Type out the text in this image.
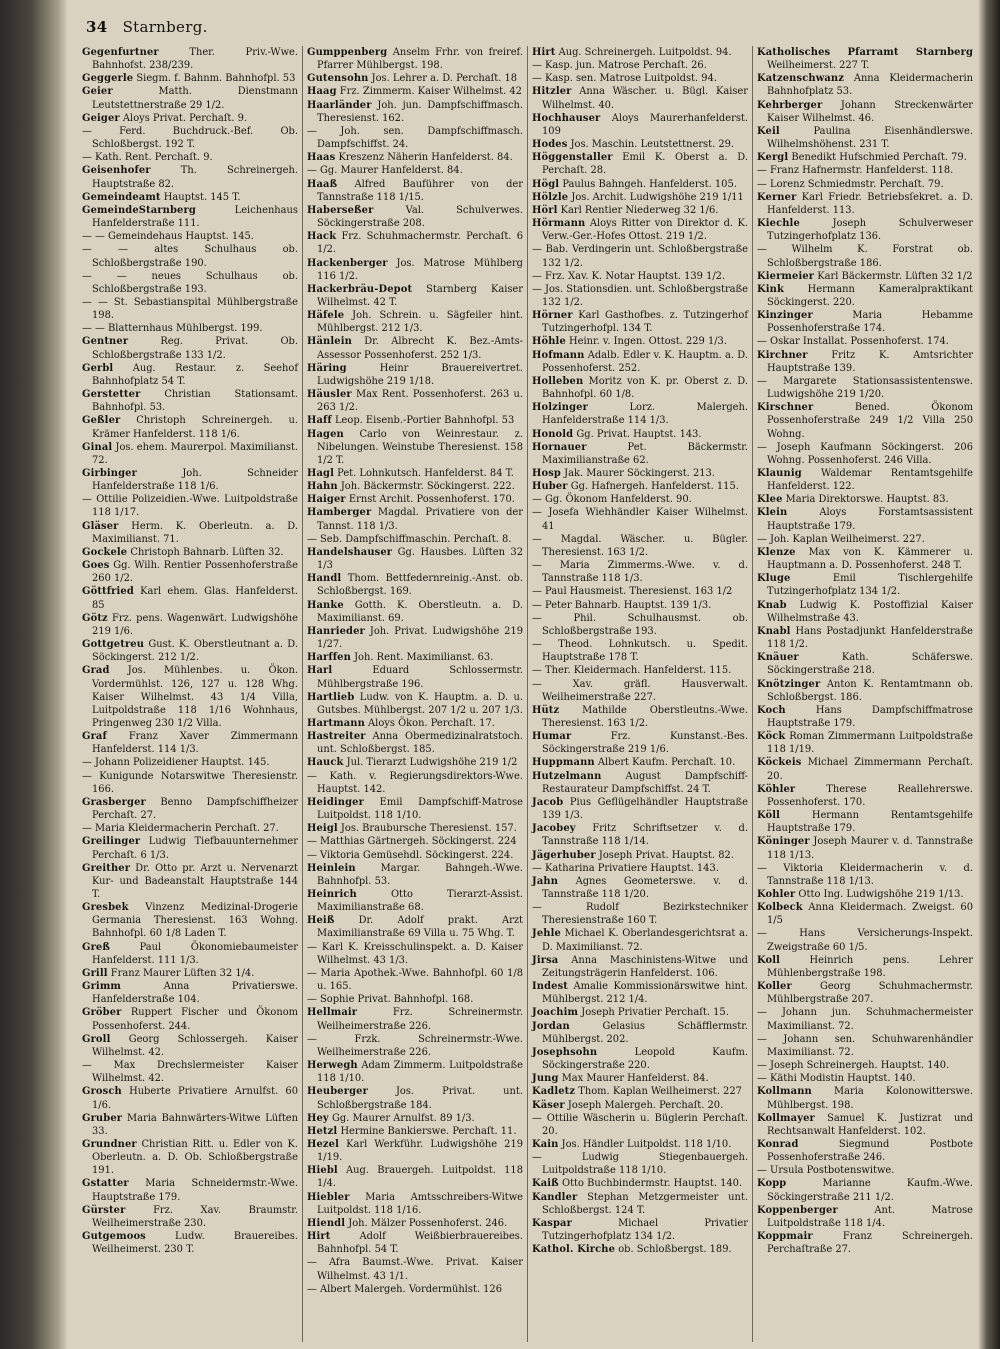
34 Starnberg.
Gegenfurtner	Ther. Priv.-Wwe. Bahnhofst. 238/239.
Geggerle Siegm. f. Bahnm. Bahnhofpl. 53
Geier	Matth. Dienstmann Leutstettnerstraße 29 1/2.
Geiger Aloys Privat. Perchaſt. 9.
— Ferd. Buchdruck.-Bef. Ob. Schloßbergst. 192 T.
— Kath. Rent. Perchaſt. 9.
Geisenhofer	Th. Schreinergeh. Hauptstraße 82.
Gemeindeamt Hauptst. 145 T.
GemeindeStarnberg	Leichenhaus Hanfelderstraße 111.
— — Gemeindehaus Hauptst. 145.
— — altes Schulhaus ob. Schloßbergstraße 190.
— — neues Schulhaus ob. Schloßbergstraße 193.
— — St. Sebastianspital Mühlbergstraße 198.
— — Blatternhaus Mühlbergst. 199.
Gentner	Reg. Privat. Ob. Schloßbergstraße 133 1/2.
Gerbl Aug. Restaur. z. Seehof Bahnhofplatz 54 T.
Gerstetter Christian Stationsamt. Bahnhofpl. 53.
Geßler Christoph Schreinergeh. u. Krämer Hanfelderst. 118 1/6.
Ginal Jos. ehem. Maurerpol. Maximilianst. 72.
Girbinger	Joh. Schneider Hanfelderstraße 118 1/6.
— Ottilie Polizeidien.-Wwe. Luitpoldstraße 118 1/17.
Gläser Herm. K. Oberleutn. a. D. Maximilianst. 71.
Gockele Christoph Bahnarb. Lüften 32.
Goes Gg. Wilh. Rentier Possenhoferstraße 260 1/2.
Göttfried Karl ehem. Glas. Hanfelderst. 85
Götz Frz. pens. Wagenwärt. Ludwigshöhe 219 1/6.
Gottgetreu Gust. K. Oberstleutnant a. D. Söckingerst. 212 1/2.
Grad Jos. Mühlenbes. u. Ökon. Vordermühlst. 126, 127 u. 128 Whg. Kaiser Wilhelmst. 43 1/4 Villa, Luitpoldstraße 118 1/16 Wohnhaus, Pringenweg 230 1/2 Villa.
Graf Franz Xaver Zimmermann Hanfelderst. 114 1/3.
— Johann Polizeidiener Hauptst. 145.
— Kunigunde Notarswitwe Theresienstr. 166.
Grasberger Benno Dampfschiffheizer Perchaſt. 27.
— Maria Kleidermacherin Perchaſt. 27.
Greilinger Ludwig Tiefbauunternehmer Perchaſt. 6 1/3.
Greither Dr. Otto pr. Arzt u. Nervenarzt Kur- und Badeanstalt Hauptstraße 144 T.
Gresbek Vinzenz Medizinal-Drogerie Germania Theresienst. 163 Wohng. Bahnhofpl. 60 1/8 Laden T.
Greß	Paul Ökonomiebaumeister Hanfelderst. 111 1/3.
Grill Franz Maurer Lüften 32 1/4.
Grimm	Anna Privatierswe. Hanfelderstraße 104.
Gröber Ruppert Fischer und Ökonom Possenhoferst. 244.
Groll Georg Schlossergeh. Kaiser Wilhelmst. 42.
— Max Drechslermeister Kaiser Wilhelmst. 42.
Grosch Huberte Privatiere Arnulfst. 60 1/6.
Gruber Maria Bahnwärters-Witwe Lüften 33.
Grundner Christian Ritt. u. Edler von K. Oberleutn. a. D. Ob. Schloßbergstraße 191.
Gstatter Maria Schneidermstr.-Wwe. Hauptstraße 179.
Gürster	Frz. Xav. Braumstr. Weilheimerstraße 230.
Gutgemoos	Ludw. Brauereibes. Weilheimerst. 230 T.
Gumppenberg Anselm Frhr. von freiref. Pfarrer Mühlbergst. 198.
Gutensohn Jos. Lehrer a. D. Perchaſt. 18
Haag Frz. Zimmerm. Kaiser Wilhelmst. 42
Haarländer Joh. jun. Dampfschiffmasch. Theresienst. 162.
— Joh. sen. Dampfschiffmasch. Dampfschiffst. 24.
Haas Kreszenz Näherin Hanfelderst. 84.
— Gg. Maurer Hanfelderst. 84.
Haaß Alfred Bauführer von der Tannstraße 118 1/15.
Haberseßer	Val. Schulverwes. Söckingerstraße 208.
Hack Frz. Schuhmachermstr. Perchaſt. 6 1/2.
Hackenberger Jos. Matrose Mühlberg 116 1/2.
Hackerbräu-Depot Starnberg Kaiser Wilhelmst. 42 T.
Häfele Joh. Schrein. u. Sägfeiler hint. Mühlbergst. 212 1/3.
Hänlein Dr. Albrecht K. Bez.-Amts-Assessor Possenhoferst. 252 1/3.
Häring	Heinr Brauereivertret. Ludwigshöhe 219 1/18.
Häusler Max Rent. Possenhoferst. 263 u. 263 1/2.
Haff Leop. Eisenb.-Portier Bahnhofpl. 53
Hagen Carlo von Weinrestaur. z. Nibelungen. Weinstube Theresienst. 158 1/2 T.
Hagl Pet. Lohnkutsch. Hanfelderst. 84 T.
Hahn Joh. Bäckermstr. Söckingerst. 222.
Haiger Ernst Archit. Possenhoferst. 170.
Hamberger Magdal. Privatiere von der Tannst. 118 1/3.
— Seb. Dampfschiffmaschin. Perchaſt. 8.
Handelshauser Gg. Hausbes. Lüften 32 1/3
Handl Thom. Bettfedernreinig.-Anst. ob. Schloßbergst. 169.
Hanke Gotth. K. Oberstleutn. a. D. Maximilianst. 69.
Hanrieder Joh. Privat. Ludwigshöhe 219 1/27.
Harffen Joh. Rent. Maximilianst. 63.
Harl	Eduard Schlossermstr. Mühlbergstraße 196.
Hartlieb Ludw. von K. Hauptm. a. D. u. Gutsbes. Mühlbergst. 207 1/2 u. 207 1/3.
Hartmann Aloys Ökon. Perchaſt. 17.
Hastreiter Anna Obermedizinalratstoch. unt. Schloßbergst. 185.
Hauck Jul. Tierarzt Ludwigshöhe 219 1/2
— Kath. v. Regierungsdirektors-Wwe. Hauptst. 142.
Heidinger Emil Dampfschiff-Matrose Luitpoldst. 118 1/10.
Heigl Jos. Braubursche Theresienst. 157.
— Matthias Gärtnergeh. Söckingerst. 224
— Viktoria Gemüsehdl. Söckingerst. 224.
Heinlein	Margar. Bahngeh.-Wwe. Bahnhofpl. 53.
Heinrich	Otto Tierarzt-Assist. Maximilianstraße 68.
Heiß Dr. Adolf prakt. Arzt Maximilianstraße 69 Villa u. 75 Whg. T.
— Karl K. Kreisschulinspekt. a. D. Kaiser Wilhelmst. 43 1/3.
— Maria Apothek.-Wwe. Bahnhofpl. 60 1/8 u. 165.
— Sophie Privat. Bahnhofpl. 168.
Hellmair	Frz. Schreinermstr. Weilheimerstraße 226.
— Frzk. Schreinermstr.-Wwe. Weilheimerstraße 226.
Herwegh Adam Zimmerm. Luitpoldstraße 118 1/10.
Heuberger	Jos. Privat. unt. Schloßbergstraße 184.
Hey Gg. Maurer Arnulfst. 89 1/3.
Hetzl Hermine Bankierswe. Perchaſt. 11.
Hezel Karl Werkführ. Ludwigshöhe 219 1/19.
Hiebl Aug. Brauergeh. Luitpoldst. 118 1/4.
Hiebler Maria Amtsschreibers-Witwe Luitpoldst. 118 1/16.
Hiendl Joh. Mälzer Possenhoferst. 246.
Hirt	Adolf Weißbierbrauereibes. Bahnhofpl. 54 T.
— Afra Baumst.-Wwe. Privat. Kaiser Wilhelmst. 43 1/1.
— Albert Malergeh. Vordermühlst. 126
Hirt Aug. Schreinergeh. Luitpoldst. 94.
— Kasp. jun. Matrose Perchaſt. 26.
— Kasp. sen. Matrose Luitpoldst. 94.
Hitzler Anna Wäscher. u. Bügl. Kaiser Wilhelmst. 40.
Hochhauser Aloys Maurerhanfelderst. 109
Hodes Jos. Maschin. Leutstettnerst. 29.
Höggenstaller Emil K. Oberst a. D. Perchaſt. 28.
Högl Paulus Bahngeh. Hanfelderst. 105.
Hölzle Jos. Archit. Ludwigshöhe 219 1/11
Hörl Karl Rentier Niederweg 32 1/6.
Hörmann Aloys Ritter von Direktor d. K. Verw.-Ger.-Hofes Ottost. 219 1/2.
— Bab. Verdingerin unt. Schloßbergstraße 132 1/2.
— Frz. Xav. K. Notar Hauptst. 139 1/2.
— Jos. Stationsdien. unt. Schloßbergstraße 132 1/2.
Hörner Karl Gasthofbes. z. Tutzingerhof Tutzingerhofpl. 134 T.
Höhle Heinr. v. Ingen. Ottost. 229 1/3.
Hofmann Adalb. Edler v. K. Hauptm. a. D. Possenhoferst. 252.
Holleben Moritz von K. pr. Oberst z. D. Bahnhofpl. 60 1/8.
Holzinger	Lorz. Malergeh. Hanfelderstraße 114 1/3.
Honold Gg. Privat. Hauptst. 143.
Hornauer	Pet. Bäckermstr. Maximilianstraße 62.
Hosp Jak. Maurer Söckingerst. 213.
Huber Gg. Hafnergeh. Hanfelderst. 115.
— Gg. Ökonom Hanfelderst. 90.
— Josefa Wiehhändler Kaiser Wilhelmst. 41
— Magdal. Wäscher. u. Bügler. Theresienst. 163 1/2.
— Maria Zimmerms.-Wwe. v. d. Tannstraße 118 1/3.
— Paul Hausmeist. Theresienst. 163 1/2
— Peter Bahnarb. Hauptst. 139 1/3.
— Phil. Schulhausmst. ob. Schloßbergstraße 193.
— Theod. Lohnkutsch. u. Spedit. Hauptstraße 178 T.
— Ther. Kleidermach. Hanfelderst. 115.
— Xav. gräfl. Hausverwalt. Weilheimerstraße 227.
Hütz Mathilde Oberstleutns.-Wwe. Theresienst. 163 1/2.
Humar	Frz. Kunstanst.-Bes. Söckingerstraße 219 1/6.
Huppmann Albert Kaufm. Perchaſt. 10.
Hutzelmann August Dampfschiff-Restaurateur Dampfschiffst. 24 T.
Jacob Pius Geflügelhändler Hauptstraße 139 1/3.
Jacobey Fritz Schriftsetzer v. d. Tannstraße 118 1/14.
Jägerhuber Joseph Privat. Hauptst. 82.
— Katharina Privatiere Hauptst. 143.
Jahn Agnes Geometerswe. v. d. Tannstraße 118 1/20.
— Rudolf Bezirkstechniker Theresienstraße 160 T.
Jehle Michael K. Oberlandesgerichtsrat a. D. Maximilianst. 72.
Jirsa Anna Maschinistens-Witwe und Zeitungsträgerin Hanfelderst. 106.
Indest Amalie Kommissionärswitwe hint. Mühlbergst. 212 1/4.
Joachim Joseph Privatier Perchaſt. 15.
Jordan	Gelasius Schäfflermstr. Mühlbergst. 202.
Josephsohn	Leopold Kaufm. Söckingerstraße 220.
Jung Max Maurer Hanfelderst. 84.
Kadletz Thom. Kaplan Weilheimerst. 227
Käser Joseph Malergeh. Perchaſt. 20.
— Ottilie Wäscherin u. Büglerin Perchaſt. 20.
Kain Jos. Händler Luitpoldst. 118 1/10.
— Ludwig Stiegenbauergeh. Luitpoldstraße 118 1/10.
Kaiß Otto Buchbindermstr. Hauptst. 140.
Kandler Stephan Metzgermeister unt. Schloßbergst. 124 T.
Kaspar	Michael Privatier Tutzingerhofplatz 134 1/2.
Kathol. Kirche ob. Schloßbergst. 189.
Katholisches Pfarramt Starnberg Weilheimerst. 227 T.
Katzenschwanz Anna Kleidermacherin Bahnhofplatz 53.
Kehrberger Johann Streckenwärter Kaiser Wilhelmst. 46.
Keil	Paulina Eisenhändlerswe. Wilhelmshöhenst. 231 T.
Kergl Benedikt Hufschmied Perchaſt. 79.
— Franz Hafnermstr. Hanfelderst. 118.
— Lorenz Schmiedmstr. Perchaſt. 79.
Kerner Karl Friedr. Betriebsſekret. a. D. Hanfelderst. 113.
Kiechle	Joseph Schulverweser Tutzingerhofplatz 136.
— Wilhelm K. Forstrat ob. Schloßbergstraße 186.
Kiermeier Karl Bäckermstr. Lüften 32 1/2
Kink Hermann Kameralpraktikant Söckingerst. 220.
Kinzinger	Maria Hebamme Possenhoferstraße 174.
— Oskar Installat. Possenhoferst. 174.
Kirchner Fritz K. Amtsrichter Hauptstraße 139.
— Margarete Stationsassistentenswe. Ludwigshöhe 219 1/20.
Kirschner	Bened. Ökonom Possenhoferstraße 249 1/2 Villa 250 Wohng.
— Joseph Kaufmann Söckingerst. 206 Wohng. Possenhoferst. 246 Villa.
Klaunig Waldemar Rentamtsgehilfe Hanfelderst. 122.
Klee Maria Direktorswe. Hauptst. 83.
Klein	Aloys Forstamtsassistent Hauptstraße 179.
— Joh. Kaplan Weilheimerst. 227.
Klenze Max von K. Kämmerer u. Hauptmann a. D. Possenhoferst. 248 T.
Kluge	Emil Tischlergehilfe Tutzingerhofplatz 134 1/2.
Knab Ludwig K. Postoffizial Kaiser Wilhelmstraße 43.
Knabl Hans Postadjunkt Hanfelderstraße 118 1/2.
Knäuer	Kath. Schäferswe. Söckingerstraße 218.
Knötzinger Anton K. Rentamtmann ob. Schloßbergst. 186.
Koch	Hans Dampfschiffmatrose Hauptstraße 179.
Köck Roman Zimmermann Luitpoldstraße 118 1/19.
Köckeis Michael Zimmermann Perchaſt. 20.
Köhler	Therese Reallehrerswe. Possenhoferst. 170.
Köll	Hermann Rentamtsgehilfe Hauptstraße 179.
Köninger Joseph Maurer v. d. Tannstraße 118 1/13.
— Viktoria Kleidermacherin v. d. Tannstraße 118 1/13.
Kohler Otto Ing. Ludwigshöhe 219 1/13.
Kolbeck Anna Kleidermach. Zweigst. 60 1/5
— Hans Versicherungs-Inspekt. Zweigstraße 60 1/5.
Koll	Heinrich pens. Lehrer Mühlenbergstraße 198.
Koller	Georg Schuhmachermstr. Mühlbergstraße 207.
— Johann jun. Schuhmachermeister Maximilianst. 72.
— Johann sen. Schuhwarenhändler Maximilianst. 72.
— Joseph Schreinergeh. Hauptst. 140.
— Käthi Modistin Hauptst. 140.
Kollmann Maria Kolonowitterswe. Mühlbergst. 198.
Kollmayer Samuel K. Justizrat und Rechtsanwalt Hanfelderst. 102.
Konrad	Siegmund Postbote Possenhoferstraße 246.
— Ursula Postbotenswitwe.
Kopp	Marianne Kaufm.-Wwe. Söckingerstraße 211 1/2.
Koppenberger	Ant. Matrose Luitpoldstraße 118 1/4.
Koppmair	Franz Schreinergeh. Perchaſtraße 27.
